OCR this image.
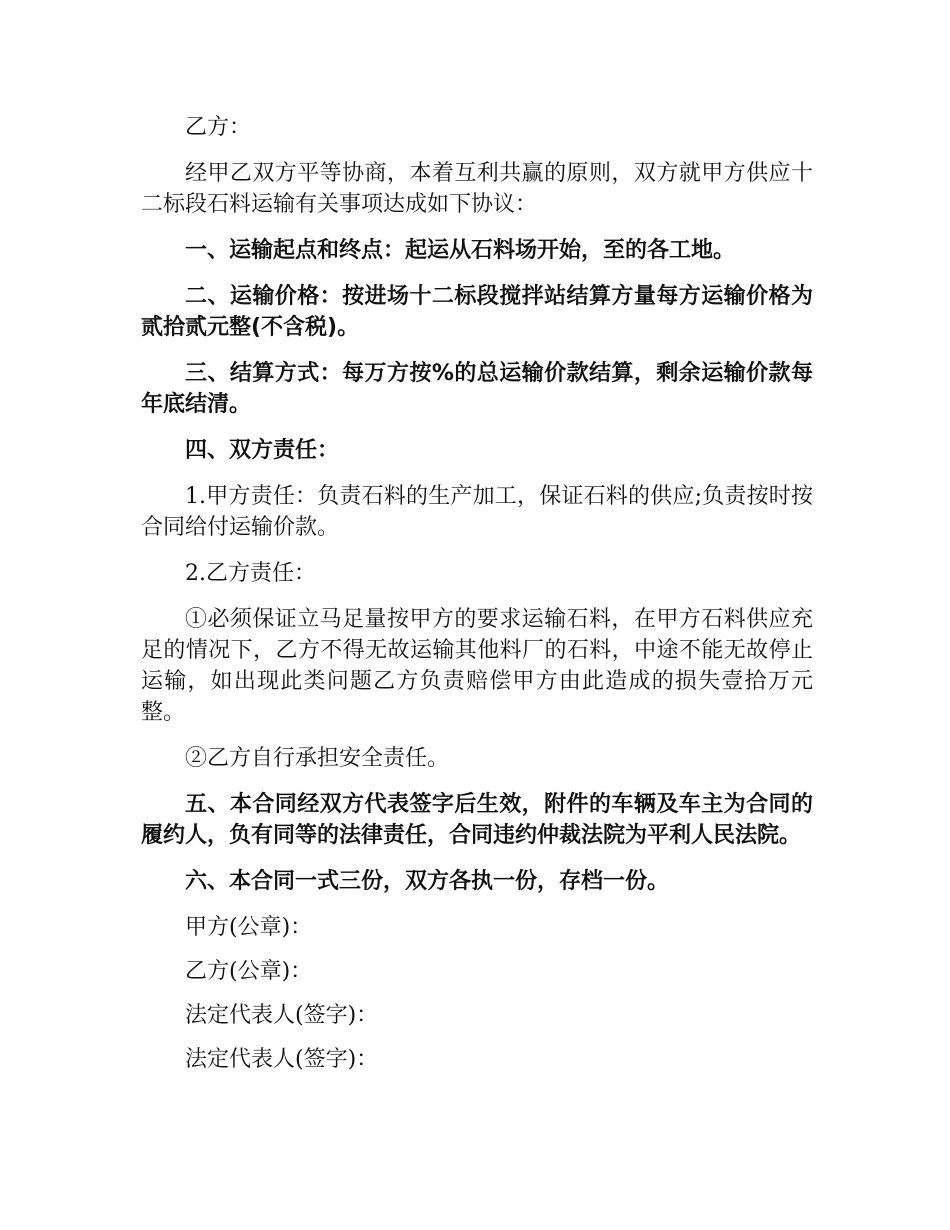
乙方：

经甲乙双方平等协商，本着互利共赢的原则，双方就甲方供应十二标段石料运输有关事项达成如下协议：

一、运输起点和终点：起运从石料场开始，至的各工地。

二、运输价格：按进场十二标段搅拌站结算方量每方运输价格为贰拾贰元整(不含税)。

三、结算方式：每万方按%的总运输价款结算，剩余运输价款每年底结清。

四、双方责任：

1.甲方责任：负责石料的生产加工，保证石料的供应;负责按时按合同给付运输价款。

2.乙方责任：

①必须保证立马足量按甲方的要求运输石料，在甲方石料供应充足的情况下，乙方不得无故运输其他料厂的石料，中途不能无故停止运输，如出现此类问题乙方负责赔偿甲方由此造成的损失壹拾万元整。

②乙方自行承担安全责任。

五、本合同经双方代表签字后生效，附件的车辆及车主为合同的履约人，负有同等的法律责任，合同违约仲裁法院为平利人民法院。

六、本合同一式三份，双方各执一份，存档一份。

甲方(公章)：

乙方(公章)：

法定代表人(签字)：

法定代表人(签字)：
